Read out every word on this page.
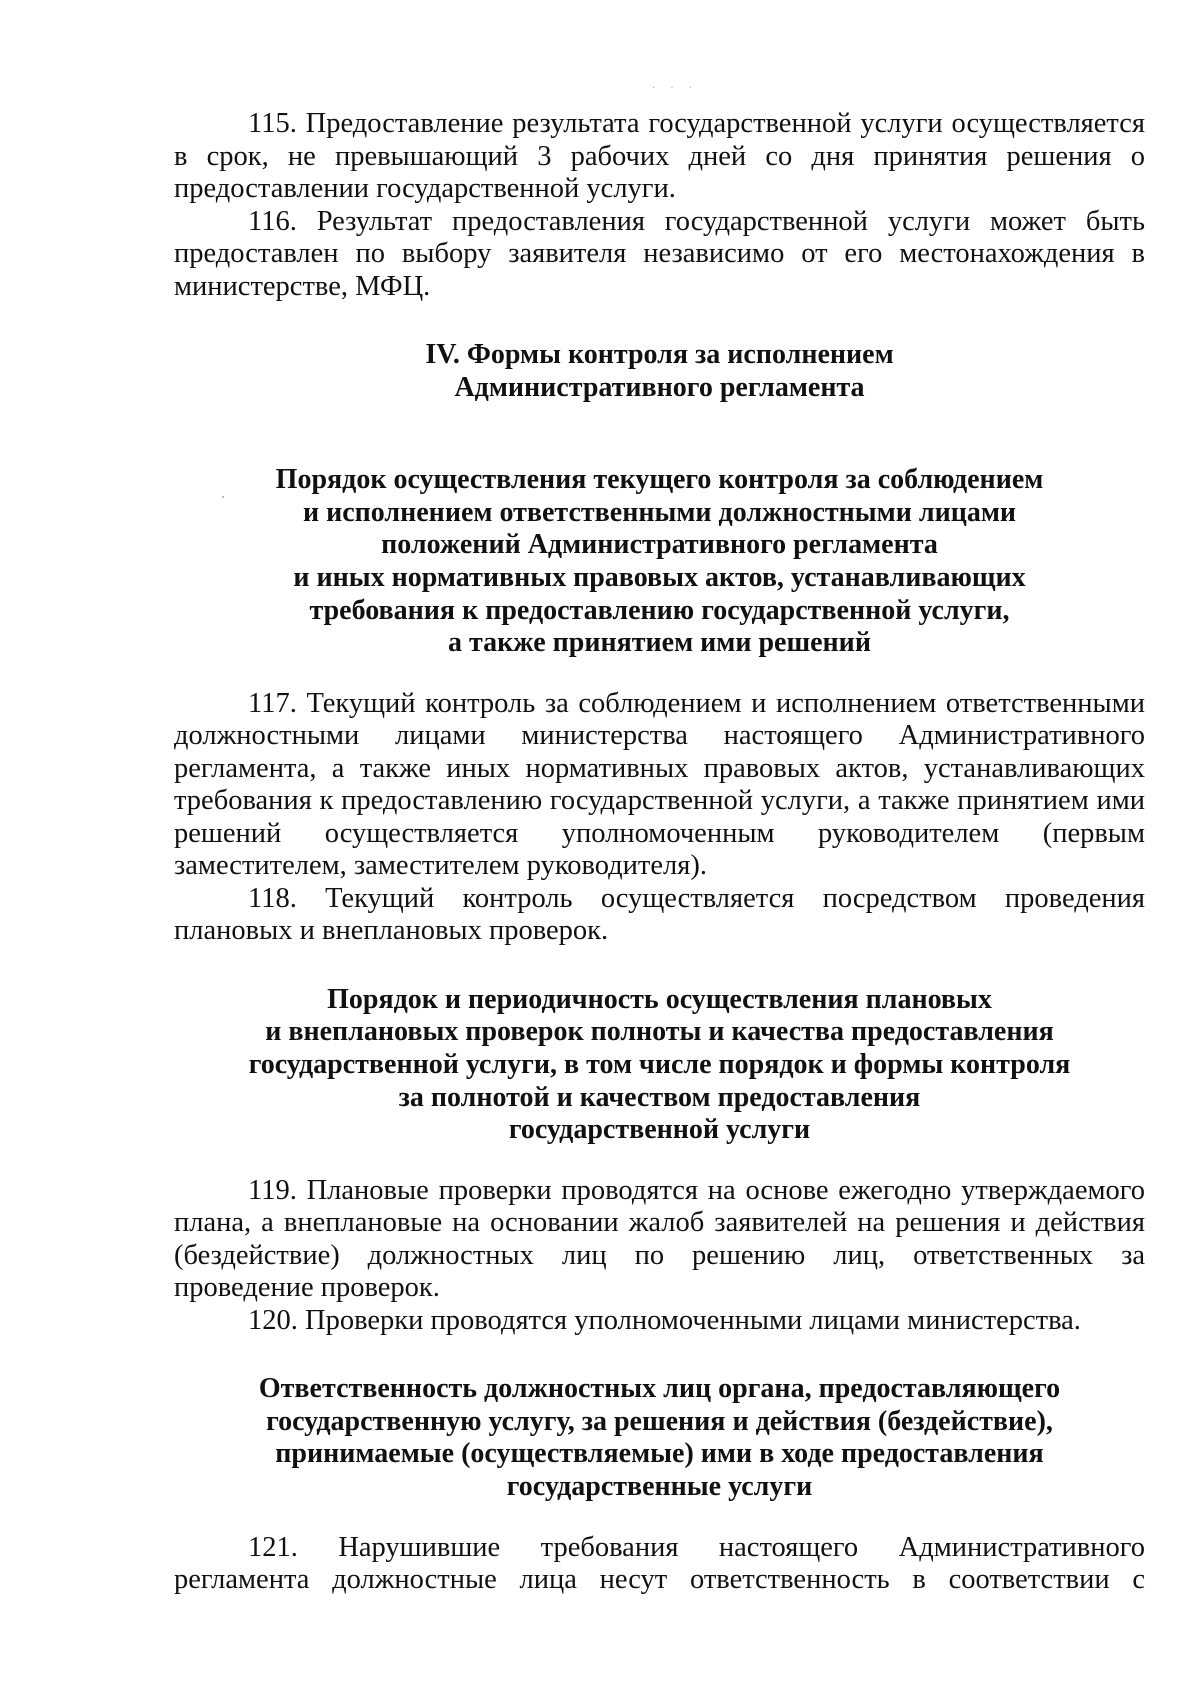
. . .

115. Предоставление результата государственной услуги осуществляется в срок, не превышающий 3 рабочих дней со дня принятия решения о предоставлении государственной услуги.

116. Результат предоставления государственной услуги может быть предоставлен по выбору заявителя независимо от его местонахождения в министерстве, МФЦ.

IV. Формы контроля за исполнением
Административного регламента
Порядок осуществления текущего контроля за соблюдением
и исполнением ответственными должностными лицами
положений Административного регламента
и иных нормативных правовых актов, устанавливающих
требования к предоставлению государственной услуги,
а также принятием ими решений

117. Текущий контроль за соблюдением и исполнением ответственными должностными лицами министерства настоящего Административного регламента, а также иных нормативных правовых актов, устанавливающих требования к предоставлению государственной услуги, а также принятием ими решений осуществляется уполномоченным руководителем (первым заместителем, заместителем руководителя).

118. Текущий контроль осуществляется посредством проведения плановых и внеплановых проверок.

Порядок и периодичность осуществления плановых
и внеплановых проверок полноты и качества предоставления
государственной услуги, в том числе порядок и формы контроля
за полнотой и качеством предоставления
государственной услуги

119. Плановые проверки проводятся на основе ежегодно утверждаемого плана, а внеплановые на основании жалоб заявителей на решения и действия (бездействие) должностных лиц по решению лиц, ответственных за проведение проверок.

120. Проверки проводятся уполномоченными лицами министерства.

Ответственность должностных лиц органа, предоставляющего
государственную услугу, за решения и действия (бездействие),
принимаемые (осуществляемые) ими в ходе предоставления
государственные услуги

121. Нарушившие требования настоящего Административного регламента должностные лица несут ответственность в соответствии с
